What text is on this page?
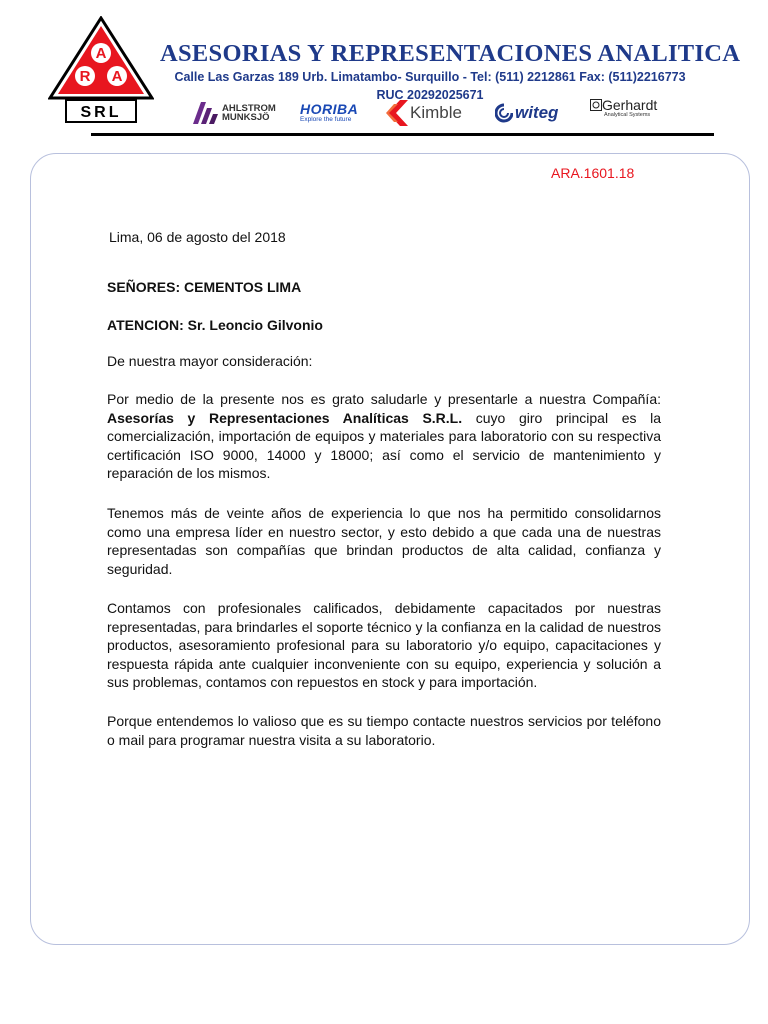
A
R A
SRL
ASESORIAS Y REPRESENTACIONES ANALITICA
Calle Las Garzas 189 Urb. Limatambo- Surquillo - Tel: (511) 2212861 Fax: (511)2216773
RUC 20292025671
AHLSTROM
MUNKSJÖ
HORIBA
Explore the future	Kimble	witeg	Gerhardt
Analytical Systems
ARA.1601.18

Lima, 06 de agosto del 2018

SEÑORES: CEMENTOS LIMA

ATENCION: Sr. Leoncio Gilvonio

De nuestra mayor consideración:

Por medio de la presente nos es grato saludarle y presentarle a nuestra Compañía: Asesorías y Representaciones Analíticas S.R.L. cuyo giro principal es la comercialización, importación de equipos y materiales para laboratorio con su respectiva certificación ISO 9000, 14000 y 18000; así como el servicio de mantenimiento y reparación de los mismos.

Tenemos más de veinte años de experiencia lo que nos ha permitido consolidarnos como una empresa líder en nuestro sector, y esto debido a que cada una de nuestras representadas son compañías que brindan productos de alta calidad, confianza y seguridad.

Contamos con profesionales calificados, debidamente capacitados por nuestras representadas, para brindarles el soporte técnico y la confianza en la calidad de nuestros productos, asesoramiento profesional para su laboratorio y/o equipo, capacitaciones y respuesta rápida ante cualquier inconveniente con su equipo, experiencia y solución a sus problemas, contamos con repuestos en stock y para importación.

Porque entendemos lo valioso que es su tiempo contacte nuestros servicios por teléfono o mail para programar nuestra visita a su laboratorio.
